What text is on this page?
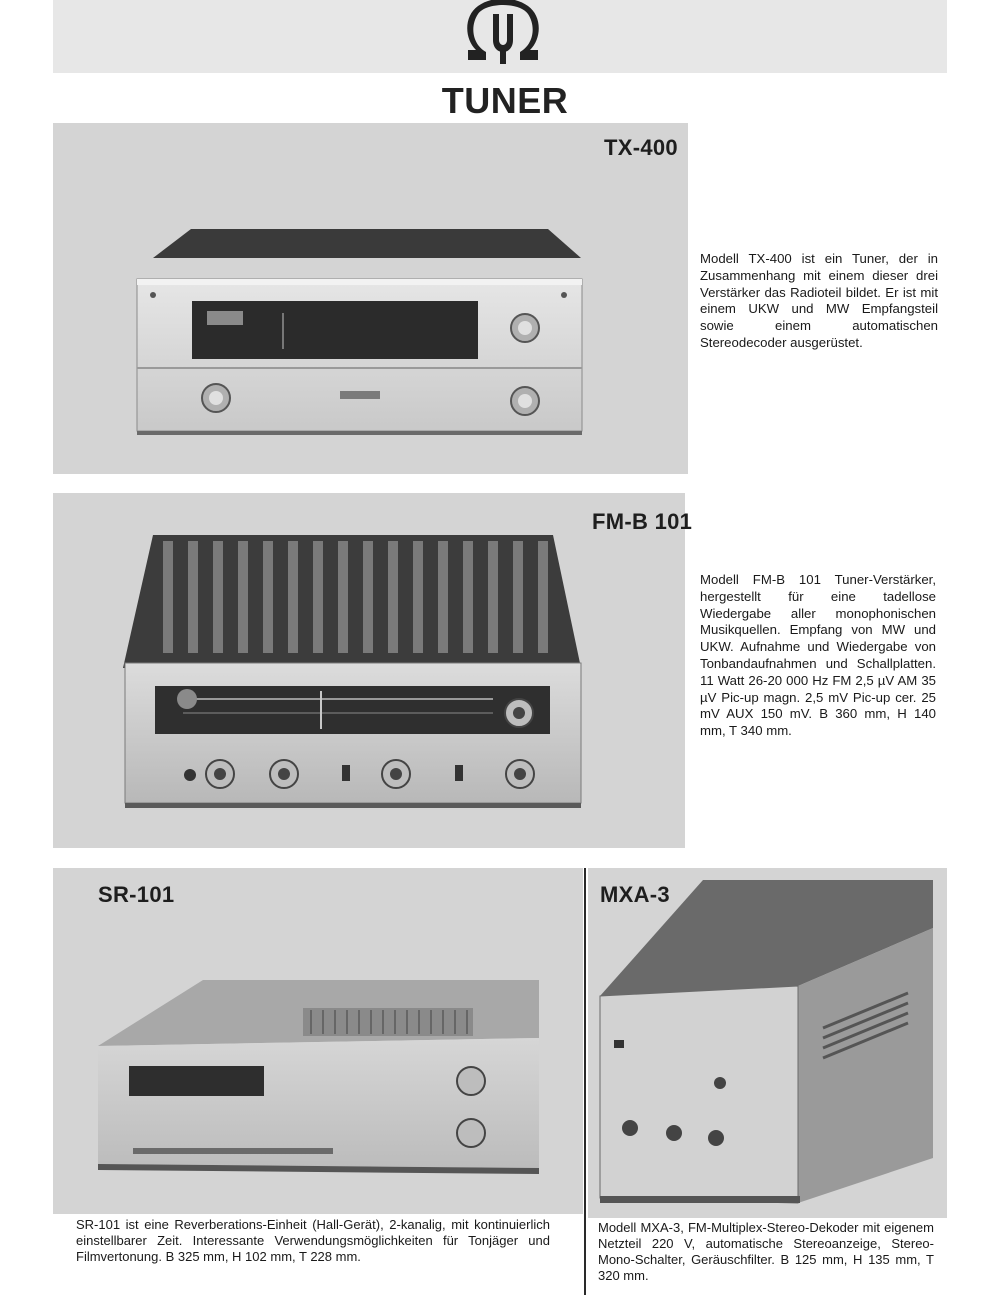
TUNER
TX-400
Modell TX-400 ist ein Tuner, der in Zusammenhang mit einem dieser drei Verstärker das Radioteil bildet. Er ist mit einem UKW und MW Empfangsteil sowie einem automatischen Stereodecoder ausgerüstet.
FM-B 101
Modell FM-B 101 Tuner-Verstärker, hergestellt für eine tadellose Wiedergabe aller monophonischen Musikquellen. Empfang von MW und UKW. Aufnahme und Wiedergabe von Tonbandaufnahmen und Schallplatten. 11 Watt 26-20 000 Hz FM 2,5 µV AM 35 µV Pic-up magn. 2,5 mV Pic-up cer. 25 mV AUX 150 mV. B 360 mm, H 140 mm, T 340 mm.
SR-101
SR-101 ist eine Reverberations-Einheit (Hall-Gerät), 2-kanalig, mit kontinuierlich einstellbarer Zeit. Interessante Verwendungsmöglichkeiten für Tonjäger und Filmvertonung. B 325 mm, H 102 mm, T 228 mm.
MXA-3
Modell MXA-3, FM-Multiplex-Stereo-Dekoder mit eigenem Netzteil 220 V, automatische Stereoanzeige, Stereo-Mono-Schalter, Geräuschfilter. B 125 mm, H 135 mm, T 320 mm.
